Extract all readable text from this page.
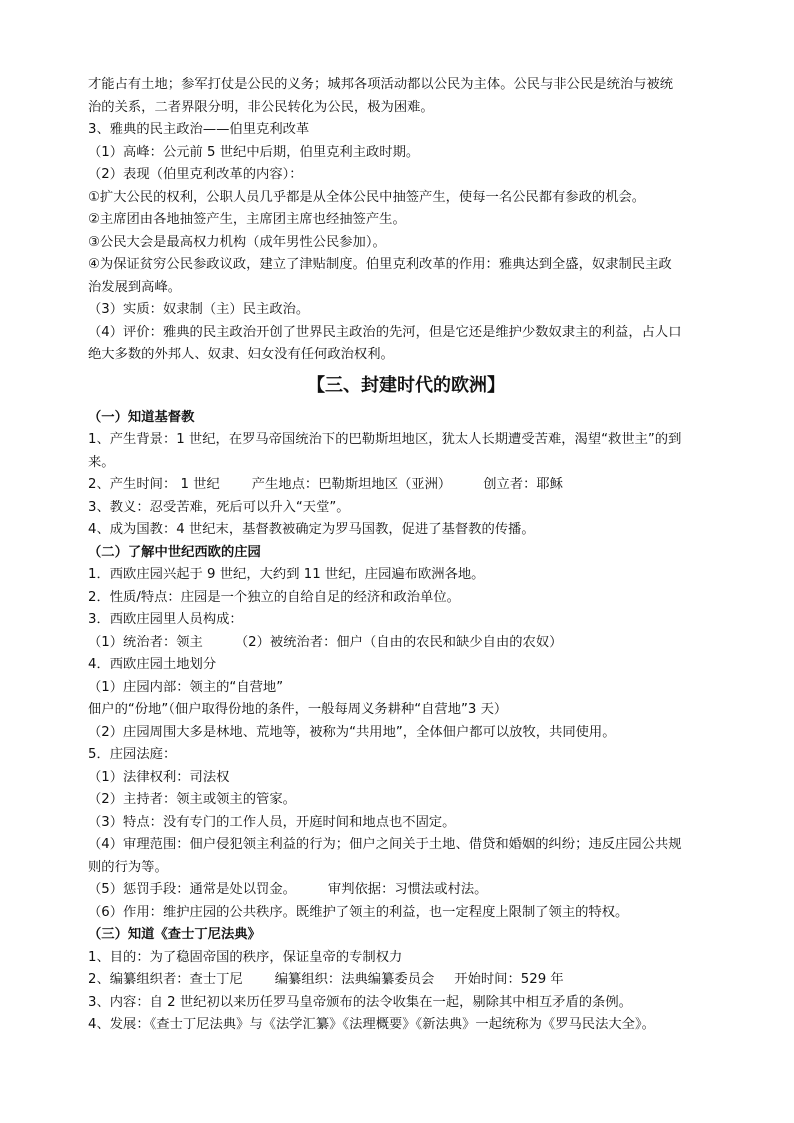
才能占有土地；参军打仗是公民的义务；城邦各项活动都以公民为主体。公民与非公民是统治与被统
治的关系，二者界限分明，非公民转化为公民，极为困难。
3、雅典的民主政治——伯里克利改革
（1）高峰：公元前 5 世纪中后期，伯里克利主政时期。
（2）表现（伯里克利改革的内容）：
①扩大公民的权利，公职人员几乎都是从全体公民中抽签产生，使每一名公民都有参政的机会。
②主席团由各地抽签产生，主席团主席也经抽签产生。
③公民大会是最高权力机构（成年男性公民参加）。
④为保证贫穷公民参政议政，建立了津贴制度。伯里克利改革的作用：雅典达到全盛，奴隶制民主政
治发展到高峰。
（3）实质：奴隶制（主）民主政治。
（4）评价：雅典的民主政治开创了世界民主政治的先河，但是它还是维护少数奴隶主的利益，占人口
绝大多数的外邦人、奴隶、妇女没有任何政治权利。
【三、封建时代的欧洲】
（一）知道基督教
1、产生背景：1 世纪，在罗马帝国统治下的巴勒斯坦地区，犹太人长期遭受苦难，渴望“救世主”的到
来。
2、产生时间： 1 世纪 产生地点：巴勒斯坦地区（亚洲） 创立者：耶稣
3、教义：忍受苦难，死后可以升入“天堂”。
4、成为国教：4 世纪末，基督教被确定为罗马国教，促进了基督教的传播。
（二）了解中世纪西欧的庄园
1．西欧庄园兴起于 9 世纪，大约到 11 世纪，庄园遍布欧洲各地。
2．性质/特点：庄园是一个独立的自给自足的经济和政治单位。
3．西欧庄园里人员构成：
（1）统治者：领主 （2）被统治者：佃户（自由的农民和缺少自由的农奴）
4．西欧庄园土地划分
（1）庄园内部：领主的“自营地”
佃户的“份地”（佃户取得份地的条件，一般每周义务耕种“自营地”3 天）
（2）庄园周围大多是林地、荒地等，被称为“共用地”，全体佃户都可以放牧，共同使用。
5．庄园法庭：
（1）法律权利：司法权
（2）主持者：领主或领主的管家。
（3）特点：没有专门的工作人员，开庭时间和地点也不固定。
（4）审理范围：佃户侵犯领主利益的行为；佃户之间关于土地、借贷和婚姻的纠纷；违反庄园公共规
则的行为等。
（5）惩罚手段：通常是处以罚金。 审判依据：习惯法或村法。
（6）作用：维护庄园的公共秩序。既维护了领主的利益，也一定程度上限制了领主的特权。
（三）知道《查士丁尼法典》
1、目的：为了稳固帝国的秩序，保证皇帝的专制权力
2、编纂组织者：查士丁尼 编纂组织：法典编纂委员会 开始时间：529 年
3、内容：自 2 世纪初以来历任罗马皇帝颁布的法令收集在一起，剔除其中相互矛盾的条例。
4、发展：《查士丁尼法典》与《法学汇纂》《法理概要》《新法典》一起统称为《罗马民法大全》。
